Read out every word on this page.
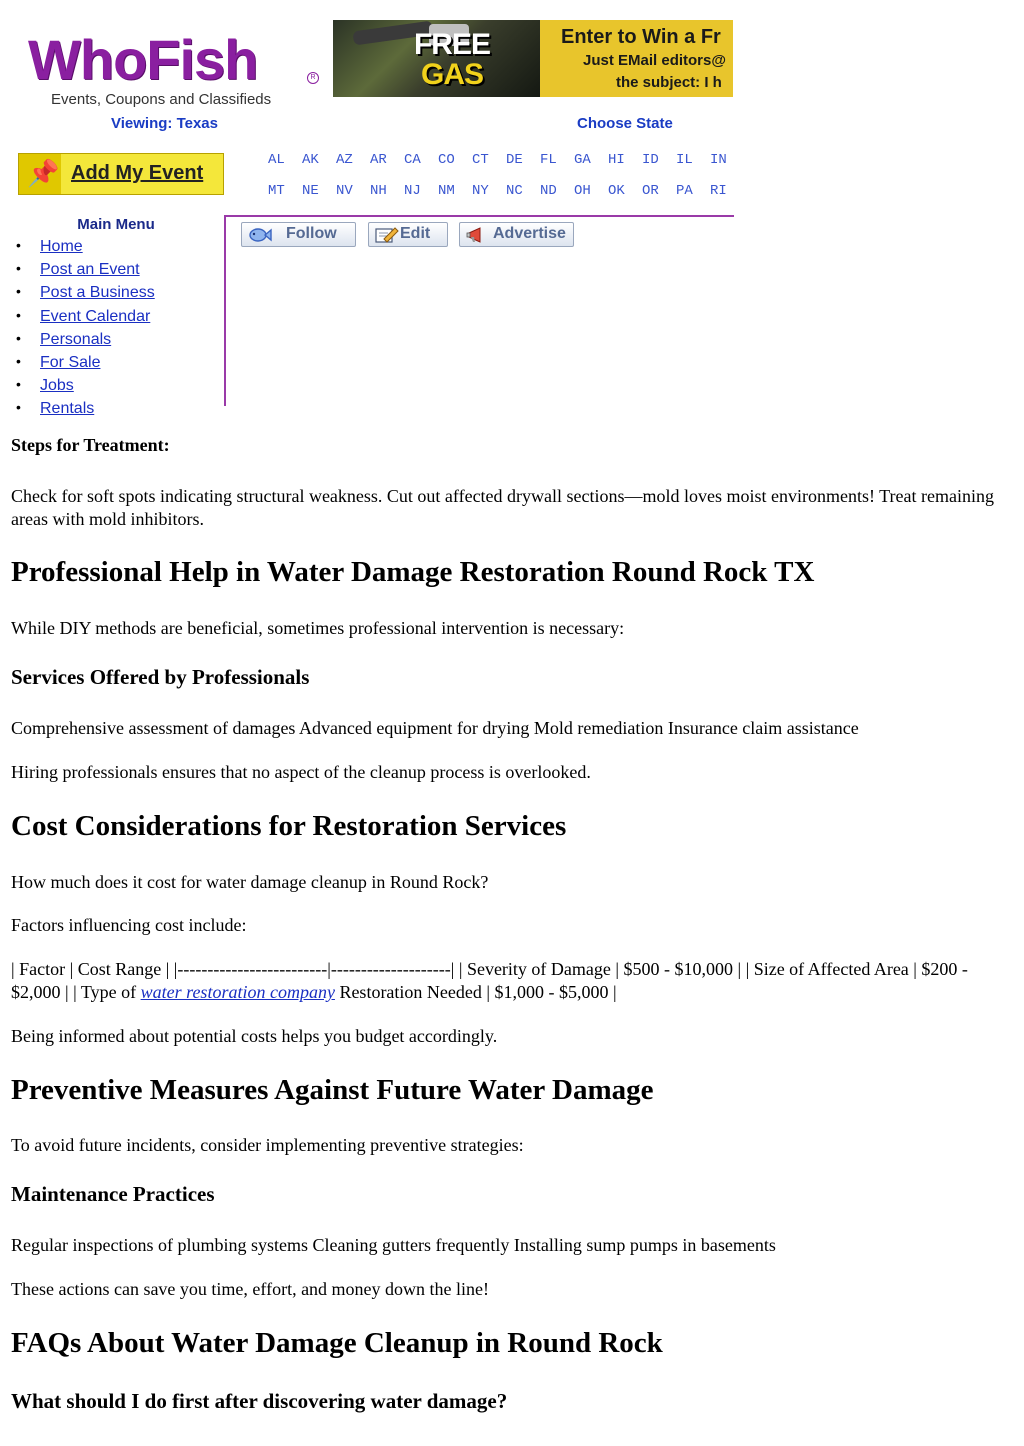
WhoFish	R
Events, Coupons and Classifieds
FREE
GAS
Enter to Win a Fr
Just EMail editors@
the subject: I h
Viewing: Texas	Choose State
📌 Add My Event
AL AK AZ AR CA CO CT DE FL GA HI ID IL IN
MT NE NV NH NJ NM NY NC ND OH OK OR PA RI
Main Menu
• Home
• Post an Event
• Post a Business
• Event Calendar
• Personals
• For Sale
• Jobs
• Rentals
Follow	Edit	Advertise
Steps for Treatment:

Check for soft spots indicating structural weakness. Cut out affected drywall sections—mold loves moist environments! Treat remaining areas with mold inhibitors.

Professional Help in Water Damage Restoration Round Rock TX

While DIY methods are beneficial, sometimes professional intervention is necessary:

Services Offered by Professionals

Comprehensive assessment of damages Advanced equipment for drying Mold remediation Insurance claim assistance

Hiring professionals ensures that no aspect of the cleanup process is overlooked.

Cost Considerations for Restoration Services

How much does it cost for water damage cleanup in Round Rock?

Factors influencing cost include:

| Factor | Cost Range | |-------------------------|--------------------| | Severity of Damage | $500 - $10,000 | | Size of Affected Area | $200 - $2,000 | | Type of water restoration company Restoration Needed | $1,000 - $5,000 |

Being informed about potential costs helps you budget accordingly.

Preventive Measures Against Future Water Damage

To avoid future incidents, consider implementing preventive strategies:

Maintenance Practices

Regular inspections of plumbing systems Cleaning gutters frequently Installing sump pumps in basements

These actions can save you time, effort, and money down the line!

FAQs About Water Damage Cleanup in Round Rock
What should I do first after discovering water damage?
